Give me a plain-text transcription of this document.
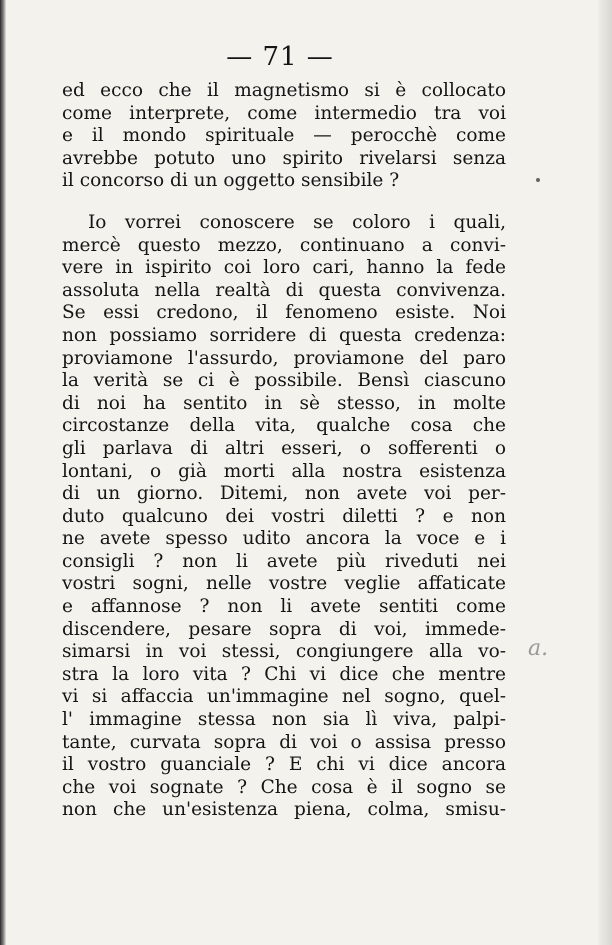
— 71 —
ed ecco che il magnetismo si è collocato
come interprete, come intermedio tra voi
e il mondo spirituale — perocchè come
avrebbe potuto uno spirito rivelarsi senza
il concorso di un oggetto sensibile ?
Io vorrei conoscere se coloro i quali,
mercè questo mezzo, continuano a convi-
vere in ispirito coi loro cari, hanno la fede
assoluta nella realtà di questa convivenza.
Se essi credono, il fenomeno esiste. Noi
non possiamo sorridere di questa credenza:
proviamone l'assurdo, proviamone del paro
la verità se ci è possibile. Bensì ciascuno
di noi ha sentito in sè stesso, in molte
circostanze della vita, qualche cosa che
gli parlava di altri esseri, o sofferenti o
lontani, o già morti alla nostra esistenza
di un giorno. Ditemi, non avete voi per-
duto qualcuno dei vostri diletti ? e non
ne avete spesso udito ancora la voce e i
consigli ? non li avete più riveduti nei
vostri sogni, nelle vostre veglie affaticate
e affannose ? non li avete sentiti come
discendere, pesare sopra di voi, immede-
simarsi in voi stessi, congiungere alla vo-
stra la loro vita ? Chi vi dice che mentre
vi si affaccia un'immagine nel sogno, quel-
l' immagine stessa non sia lì viva, palpi-
tante, curvata sopra di voi o assisa presso
il vostro guanciale ? E chi vi dice ancora
che voi sognate ? Che cosa è il sogno se
non che un'esistenza piena, colma, smisu-
a.
